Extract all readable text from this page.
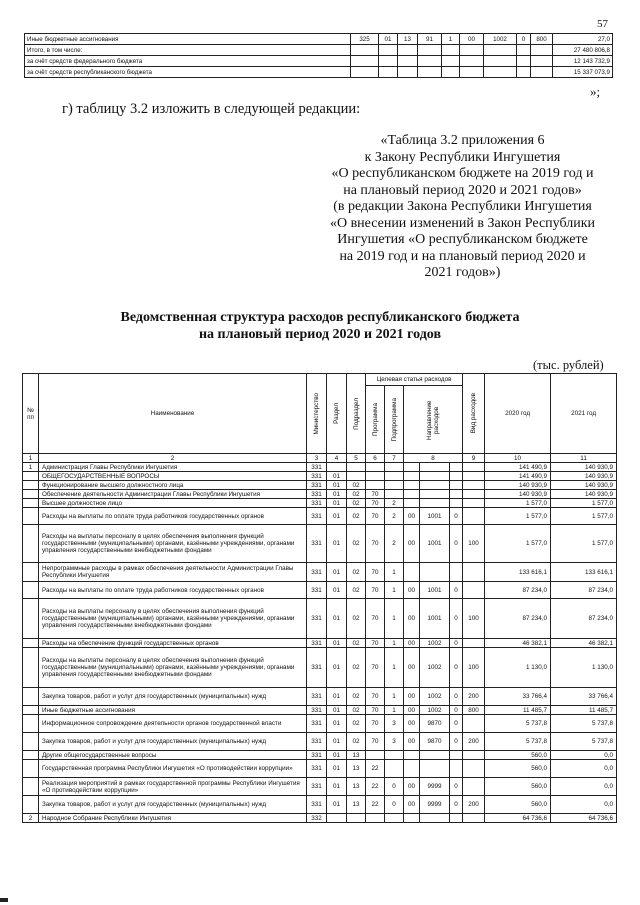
57
Иные бюджетные ассигнования	325	01	13	91	1	00	1002	0	800	27,0
Итого, в том числе:										27 480 806,8
за счёт средств федерального бюджета										12 143 732,9
за счёт средств республиканского бюджета										15 337 073,9
»;
г) таблицу 3.2 изложить в следующей редакции:
«Таблица 3.2 приложения 6
к Закону Республики Ингушетия
«О республиканском бюджете на 2019 год и
на плановый период 2020 и 2021 годов»
(в редакции Закона Республики Ингушетия
«О внесении изменений в Закон Республики
Ингушетия «О республиканском бюджете
на 2019 год и на плановый период 2020 и
2021 годов»)
Ведомственная структура расходов республиканского бюджета
на плановый период 2020 и 2021 годов
(тыс. рублей)
№ пп	Наименование	Министерство	Раздел	Подраздел	Целевая статья расходов					Вид расходов	2020 год	2021 год

					Программа	Подпрограмма	Направление расходов					

1	2	3	4	5	6	7	8			9	10	11
1	Администрация Главы Республики Ингушетия	331									141 490,9	140 930,9
	ОБЩЕГОСУДАРСТВЕННЫЕ ВОПРОСЫ	331	01								141 490,9	140 930,9
	Функционирование высшего должностного лица	331	01	02							140 930,9	140 930,9
	Обеспечение деятельности Администрации Главы Республики Ингушетия	331	01	02	70						140 930,9	140 930,9
	Высшее должностное лицо	331	01	02	70	2					1 577,0	1 577,0
	Расходы на выплаты по оплате труда работников государственных органов	331	01	02	70	2	00	1001	0		1 577,0	1 577,0
	Расходы на выплаты персоналу в целях обеспечения выполнения функций государственными (муниципальными) органами, казёнными учреждениями, органами управления государственными внебюджетными фондами	331	01	02	70	2	00	1001	0	100	1 577,0	1 577,0
	Непрограммные расходы в рамках обеспечения деятельности Администрации Главы Республики Ингушетия	331	01	02	70	1					133 616,1	133 616,1
	Расходы на выплаты по оплате труда работников государственных органов	331	01	02	70	1	00	1001	0		87 234,0	87 234,0
	Расходы на выплаты персоналу в целях обеспечения выполнения функций государственными (муниципальными) органами, казёнными учреждениями, органами управления государственными внебюджетными фондами	331	01	02	70	1	00	1001	0	100	87 234,0	87 234,0
	Расходы на обеспечение функций государственных органов	331	01	02	70	1	00	1002	0		46 382,1	46 382,1
	Расходы на выплаты персоналу в целях обеспечения выполнения функций государственными (муниципальными) органами, казёнными учреждениями, органами управления государственными внебюджетными фондами	331	01	02	70	1	00	1002	0	100	1 130,0	1 130,0
	Закупка товаров, работ и услуг для государственных (муниципальных) нужд	331	01	02	70	1	00	1002	0	200	33 766,4	33 766,4
	Иные бюджетные ассигнования	331	01	02	70	1	00	1002	0	800	11 485,7	11 485,7
	Информационное сопровождение деятельности органов государственной власти	331	01	02	70	3	00	9870	0		5 737,8	5 737,8
	Закупка товаров, работ и услуг для государственных (муниципальных) нужд	331	01	02	70	3	00	9870	0	200	5 737,8	5 737,8
	Другие общегосударственные вопросы	331	01	13							560,0	0,0
	Государственная программа Республики Ингушетия «О противодействии коррупции»	331	01	13	22						560,0	0,0
	Реализация мероприятий в рамках государственной программы Республики Ингушетия «О противодействии коррупции»	331	01	13	22	0	00	9999	0		560,0	0,0
	Закупка товаров, работ и услуг для государственных (муниципальных) нужд	331	01	13	22	0	00	9999	0	200	560,0	0,0
2	Народное Собрание Республики Ингушетия	332									64 736,6	64 736,6
